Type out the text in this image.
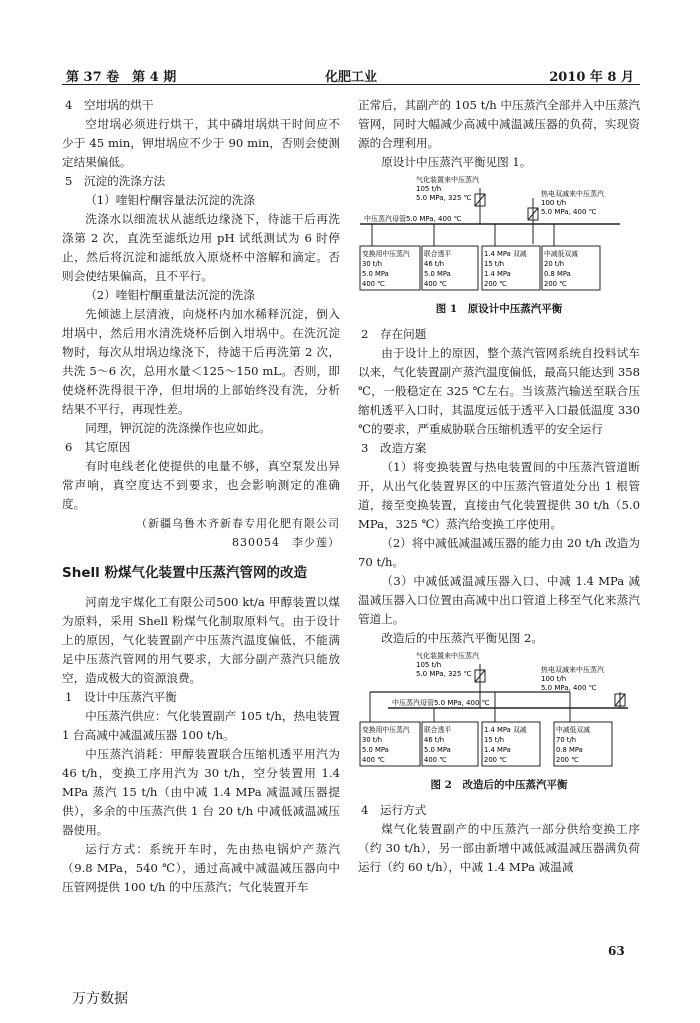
第 37 卷　第 4 期	化肥工业	2010 年 8 月

4　空坩埚的烘干

空坩埚必须进行烘干，其中磷坩埚烘干时间应不少于 45 min，钾坩埚应不少于 90 min，否则会使测定结果偏低。

5　沉淀的洗涤方法

（1）喹钼柠酮容量法沉淀的洗涤

洗涤水以细流状从滤纸边缘浇下，待滤干后再洗涤第 2 次，直洗至滤纸边用 pH 试纸测试为 6 时停止，然后将沉淀和滤纸放入原烧杯中溶解和滴定。否则会使结果偏高，且不平行。

（2）喹钼柠酮重量法沉淀的洗涤

先倾滤上层清液，向烧杯内加水稀释沉淀，倒入坩埚中，然后用水清洗烧杯后倒入坩埚中。在洗沉淀物时，每次从坩埚边缘浇下，待滤干后再洗第 2 次，共洗 5～6 次，总用水量＜125～150 mL。否则，即使烧杯洗得很干净，但坩埚的上部始终没有洗，分析结果不平行，再现性差。

同理，钾沉淀的洗涤操作也应如此。

6　其它原因

有时电线老化使提供的电量不够，真空泵发出异常声响，真空度达不到要求，也会影响测定的准确度。

（新疆乌鲁木齐新春专用化肥有限公司

830054　李少莲）

Shell 粉煤气化装置中压蒸汽管网的改造

河南龙宇煤化工有限公司500 kt/a 甲醇装置以煤为原料，采用 Shell 粉煤气化制取原料气。由于设计上的原因，气化装置副产中压蒸汽温度偏低，不能满足中压蒸汽管网的用气要求，大部分副产蒸汽只能放空，造成极大的资源浪费。

1　设计中压蒸汽平衡

中压蒸汽供应：气化装置副产 105 t/h，热电装置 1 台高减中减温减压器 100 t/h。

中压蒸汽消耗：甲醇装置联合压缩机透平用汽为 46 t/h，变换工序用汽为 30 t/h，空分装置用 1.4 MPa 蒸汽 15 t/h（由中减 1.4 MPa 减温减压器提供），多余的中压蒸汽供 1 台 20 t/h 中减低减温减压器使用。

运行方式：系统开车时，先由热电锅炉产蒸汽（9.8 MPa，540 ℃），通过高减中减温减压器向中压管网提供 100 t/h 的中压蒸汽；气化装置开车

正常后，其副产的 105 t/h 中压蒸汽全部并入中压蒸汽管网，同时大幅减少高减中减温减压器的负荷，实现资源的合理利用。

原设计中压蒸汽平衡见图 1。

气化装置来中压蒸汽
105 t/h
5.0 MPa, 325 ℃	热电双减来中压蒸汽
100 t/h
5.0 MPa, 400 ℃
中压蒸汽母管5.0 MPa, 400 ℃
变换用中压蒸汽
30 t/h
5.0 MPa
400 ℃
联合透平
46 t/h
5.0 MPa
400 ℃
1.4 MPa 双减
15 t/h
1.4 MPa
200 ℃
中减低双减
20 t/h
0.8 MPa
200 ℃

图 1　原设计中压蒸汽平衡

2　存在问题

由于设计上的原因，整个蒸汽管网系统自投料试车以来，气化装置副产蒸汽温度偏低，最高只能达到 358 ℃，一般稳定在 325 ℃左右。当该蒸汽输送至联合压缩机透平入口时，其温度远低于透平入口最低温度 330 ℃的要求，严重威胁联合压缩机透平的安全运行

3　改造方案

（1）将变换装置与热电装置间的中压蒸汽管道断开，从出气化装置界区的中压蒸汽管道处分出 1 根管道，接至变换装置，直接由气化装置提供 30 t/h（5.0 MPa，325 ℃）蒸汽给变换工序使用。

（2）将中减低减温减压器的能力由 20 t/h 改造为 70 t/h。

（3）中减低减温减压器入口、中减 1.4 MPa 减温减压器入口位置由高减中出口管道上移至气化来蒸汽管道上。

改造后的中压蒸汽平衡见图 2。

气化装置来中压蒸汽
105 t/h
5.0 MPa, 325 ℃	热电双减来中压蒸汽
100 t/h
5.0 MPa, 400 ℃
中压蒸汽母管5.0 MPa, 400 ℃
变换用中压蒸汽
30 t/h
5.0 MPa
400 ℃
联合透平
46 t/h
5.0 MPa
400 ℃
1.4 MPa 双减
15 t/h
1.4 MPa
200 ℃
中减低双减
70 t/h
0.8 MPa
200 ℃

图 2　改造后的中压蒸汽平衡

4　运行方式

煤气化装置副产的中压蒸汽一部分供给变换工序（约 30 t/h），另一部由新增中减低减温减压器满负荷运行（约 60 t/h），中减 1.4 MPa 减温减

63
万方数据
